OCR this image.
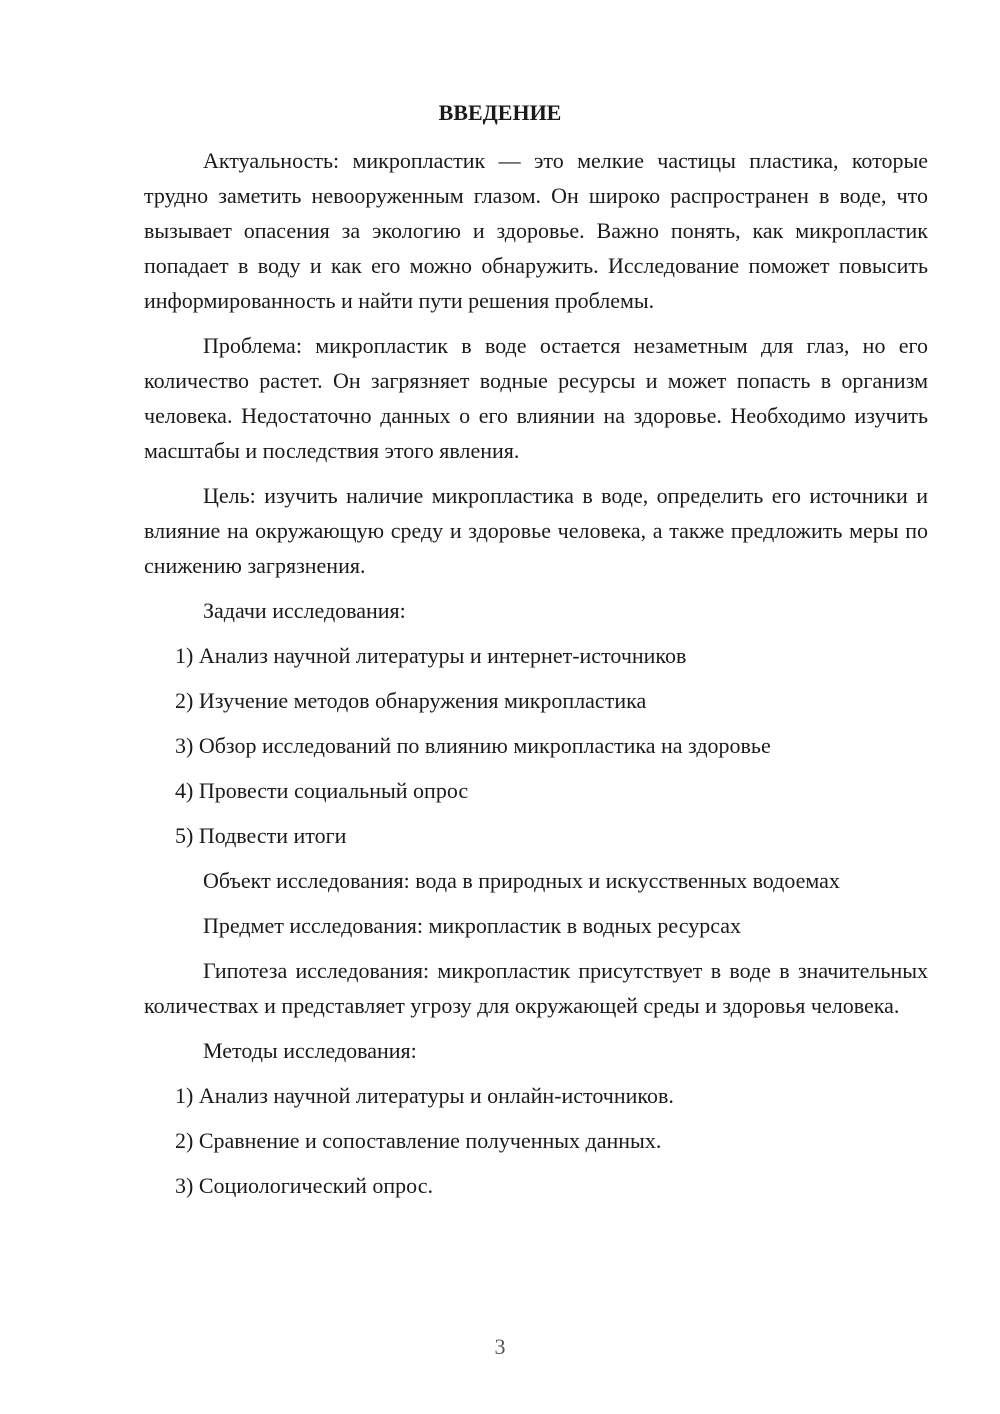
ВВЕДЕНИЕ

Актуальность: микропластик — это мелкие частицы пластика, которые трудно заметить невооруженным глазом. Он широко распространен в воде, что вызывает опасения за экологию и здоровье. Важно понять, как микропластик попадает в воду и как его можно обнаружить. Исследование поможет повысить информированность и найти пути решения проблемы.

Проблема: микропластик в воде остается незаметным для глаз, но его количество растет. Он загрязняет водные ресурсы и может попасть в организм человека. Недостаточно данных о его влиянии на здоровье. Необходимо изучить масштабы и последствия этого явления.

Цель: изучить наличие микропластика в воде, определить его источники и влияние на окружающую среду и здоровье человека, а также предложить меры по снижению загрязнения.

Задачи исследования:

1) Анализ научной литературы и интернет-источников

2) Изучение методов обнаружения микропластика

3) Обзор исследований по влиянию микропластика на здоровье

4) Провести социальный опрос

5) Подвести итоги

Объект исследования: вода в природных и искусственных водоемах

Предмет исследования: микропластик в водных ресурсах

Гипотеза исследования: микропластик присутствует в воде в значительных количествах и представляет угрозу для окружающей среды и здоровья человека.

Методы исследования:

1) Анализ научной литературы и онлайн-источников.

2) Сравнение и сопоставление полученных данных.

3) Социологический опрос.

3
